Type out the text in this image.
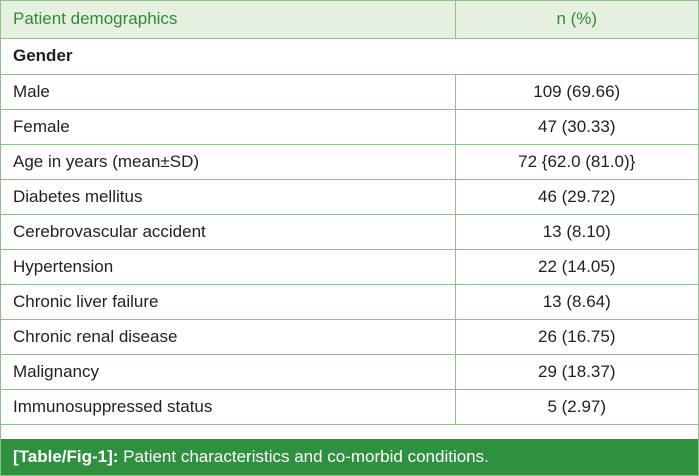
Patient demographics	n (%)
Gender	
Male	109 (69.66)
Female	47 (30.33)
Age in years (mean±SD)	72 {62.0 (81.0)}
Diabetes mellitus	46 (29.72)
Cerebrovascular accident	13 (8.10)
Hypertension	22 (14.05)
Chronic liver failure	13 (8.64)
Chronic renal disease	26 (16.75)
Malignancy	29 (18.37)
Immunosuppressed status	5 (2.97)
[Table/Fig-1]: Patient characteristics and co-morbid conditions.
